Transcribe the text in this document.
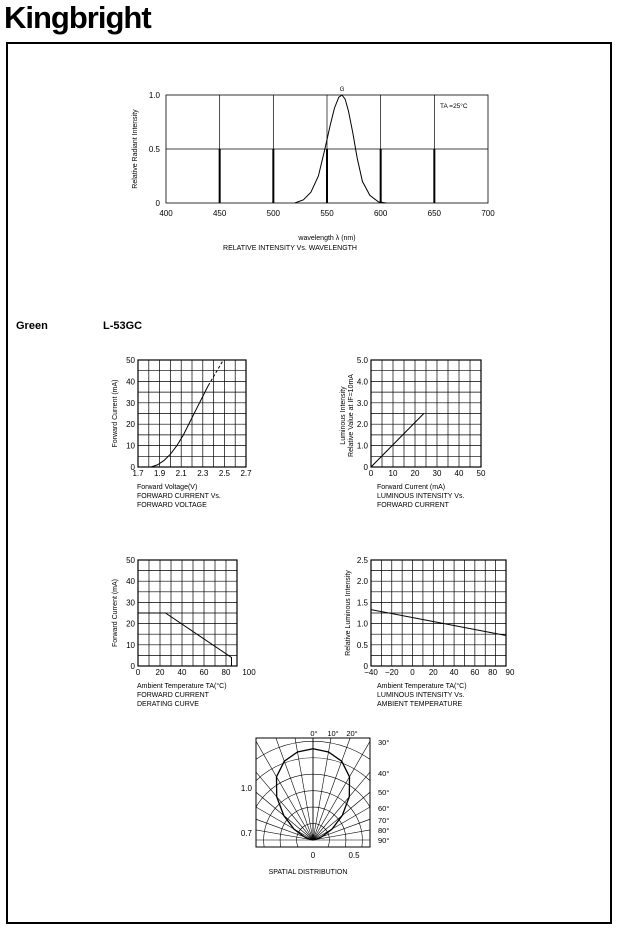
Kingbright
Green	L-53GC
400	450	500	550	600	650	700
0
0.5
1.0
G
TA =25°C
Relative Radiant Intensity
wavelength λ (nm)
RELATIVE INTENSITY Vs. WAVELENGTH
1.7 1.9 2.1 2.3 2.5 2.7
0
10
20
30
40
50
Forward Current (mA)
Forward Voltage(V)
FORWARD CURRENT Vs.
FORWARD VOLTAGE
0 10 20 30 40 50
0
1.0
2.0
3.0
4.0
5.0
Luminous Intensity Relative Value at IF=10mA
Forward Current (mA)
LUMINOUS INTENSITY Vs.
FORWARD CURRENT
0 20 40 60 80 100
0
10
20
30
40
50
Forward Current (mA)
Ambient Temperature TA(°C)
FORWARD CURRENT
DERATING CURVE
−40 −20 0 20 40 60 80 90
0
0.5
1.0
1.5
2.0
2.5
Relative Luminous Intensity
Ambient Temperature TA(°C)
LUMINOUS INTENSITY Vs.
AMBIENT TEMPERATURE
0° 10° 20°
30°
40°
50°
60°
70°
80°
90°
1.0
0.7
0	0.5
SPATIAL DISTRIBUTION
